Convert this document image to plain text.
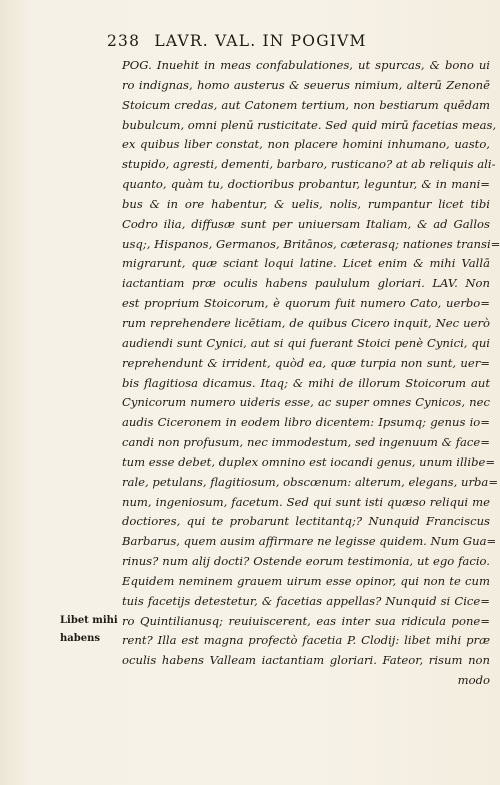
238 LAVR. VAL. IN POGIVM
POG. Inuehit in meas confabulationes, ut spurcas, & bono ui
ro indignas, homo austerus & seuerus nimium, alterū Zenonē
Stoicum credas, aut Catonem tertium, non bestiarum quēdam
bubulcum, omni plenū rusticitate. Sed quid mirū facetias meas,
ex quibus liber constat, non placere homini inhumano, uasto,
stupido, agresti, dementi, barbaro, rusticano? at ab reliquis ali-
quanto, quàm tu, doctioribus probantur, leguntur, & in mani=
bus & in ore habentur, & uelis, nolis, rumpantur licet tibi
Codro ilia, diffusæ sunt per uniuersam Italiam, & ad Gallos
usq;, Hispanos, Germanos, Britānos, cæterasq; nationes transi=
migrarunt, quæ sciant loqui latine. Licet enim & mihi Vallā
iactantiam præ oculis habens paululum gloriari. LAV. Non
est proprium Stoicorum, è quorum fuit numero Cato, uerbo=
rum reprehendere licētiam, de quibus Cicero inquit, Nec uerò
audiendi sunt Cynici, aut si qui fuerant Stoici penè Cynici, qui
reprehendunt & irrident, quòd ea, quæ turpia non sunt, uer=
bis flagitiosa dicamus. Itaq; & mihi de illorum Stoicorum aut
Cynicorum numero uideris esse, ac super omnes Cynicos, nec
audis Ciceronem in eodem libro dicentem: Ipsumq; genus io=
candi non profusum, nec immodestum, sed ingenuum & face=
tum esse debet, duplex omnino est iocandi genus, unum illibe=
rale, petulans, flagitiosum, obscœnum: alterum, elegans, urba=
num, ingeniosum, facetum. Sed qui sunt isti quæso reliqui me
doctiores, qui te probarunt lectitantq;? Nunquid Franciscus
Barbarus, quem ausim affirmare ne legisse quidem. Num Gua=
rinus? num alij docti? Ostende eorum testimonia, ut ego facio.
Equidem neminem grauem uirum esse opinor, qui non te cum
tuis facetijs detestetur, & facetias appellas? Nunquid si Cice=
ro Quintilianusq; reuiuiscerent, eas inter sua ridicula pone=
rent? Illa est magna profectò facetia P. Clodij: libet mihi præ
oculis habens Valleam iactantiam gloriari. Fateor, risum non
modo
Libet mihi
habens
